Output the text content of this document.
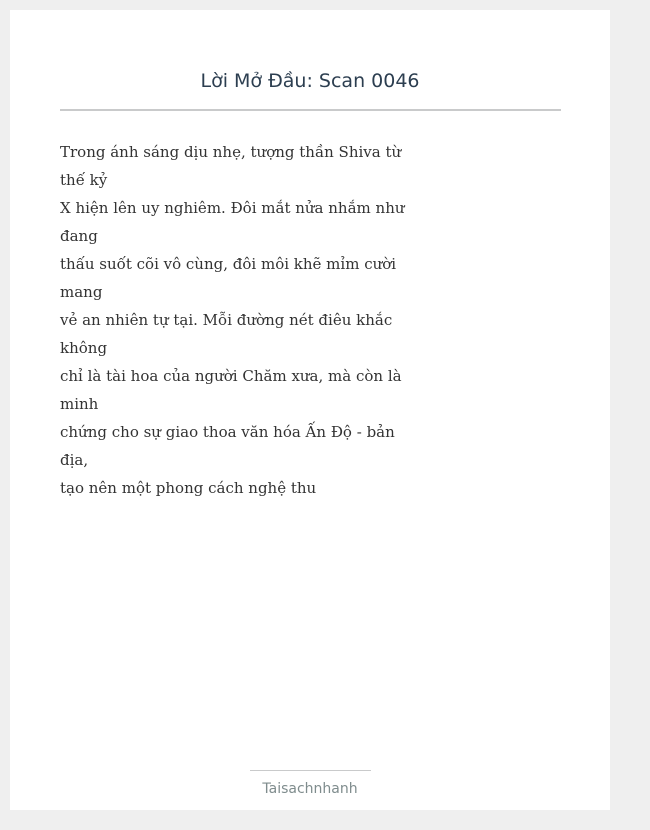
Lời Mở Đầu: Scan 0046
Trong ánh sáng dịu nhẹ, tượng thần Shiva từ
thế kỷ
X hiện lên uy nghiêm. Đôi mắt nửa nhắm như
đang
thấu suốt cõi vô cùng, đôi môi khẽ mỉm cười
mang
vẻ an nhiên tự tại. Mỗi đường nét điêu khắc
không
chỉ là tài hoa của người Chăm xưa, mà còn là
minh
chứng cho sự giao thoa văn hóa Ấn Độ - bản
địa,
tạo nên một phong cách nghệ thu
Taisachnhanh
